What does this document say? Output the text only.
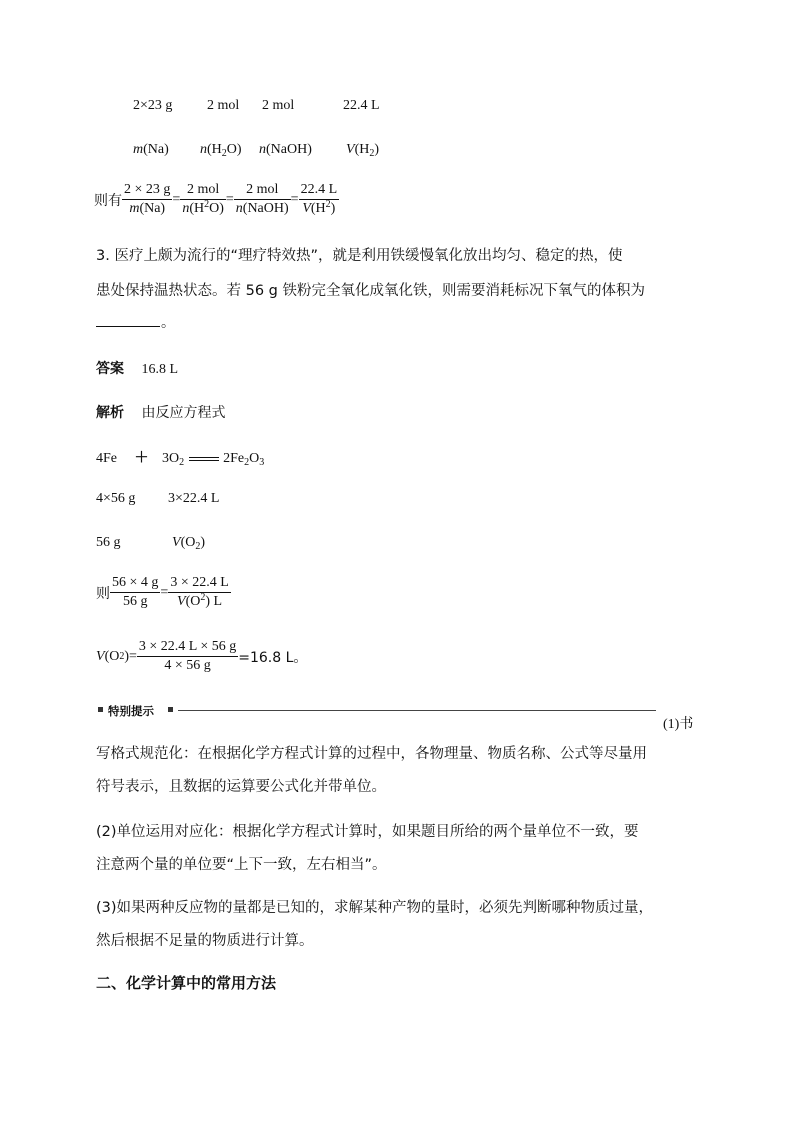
2×23 g 2 mol 2 mol	22.4 L
m(Na) $n(H_2O)$ n(NaOH) $V(H_2)$
则有 $\frac{2 \times 23 g}{m(Na)} = \frac{\text{2 mol}}{n(H^2O)} = \frac{\text{2 mol}}{\text{n(NaOH)}} = \frac{22.4 L}{V(H^2)}$
3. 医疗上颇为流行的“理疗特效热”，就是利用铁缓慢氧化放出均匀、稳定的热，使
患处保持温热状态。若 56 g 铁粉完全氧化成氧化铁，则需要消耗标况下氧气的体积为
。
答案 16.8 L
解析 由反应方程式
$4Fe + 3O_2$	$2Fe_2O_3$
4×56 g 3×22.4 L
56 g	$V(O_2)$
则 $\frac{56 \times 4 g}{56 g} = \frac{3 \times 22.4 L}{V(O^2) L}$
V (O 2 )= $\frac{3 \times 22.4 L \times 56 g}{4 \times 56 g} =16.8$ L。
特别提示
(1)书
写格式规范化：在根据化学方程式计算的过程中，各物理量、物质名称、公式等尽量用
符号表示，且数据的运算要公式化并带单位。
(2)单位运用对应化：根据化学方程式计算时，如果题目所给的两个量单位不一致，要
注意两个量的单位要“上下一致，左右相当”。
(3)如果两种反应物的量都是已知的，求解某种产物的量时，必须先判断哪种物质过量，
然后根据不足量的物质进行计算。
二、化学计算中的常用方法
